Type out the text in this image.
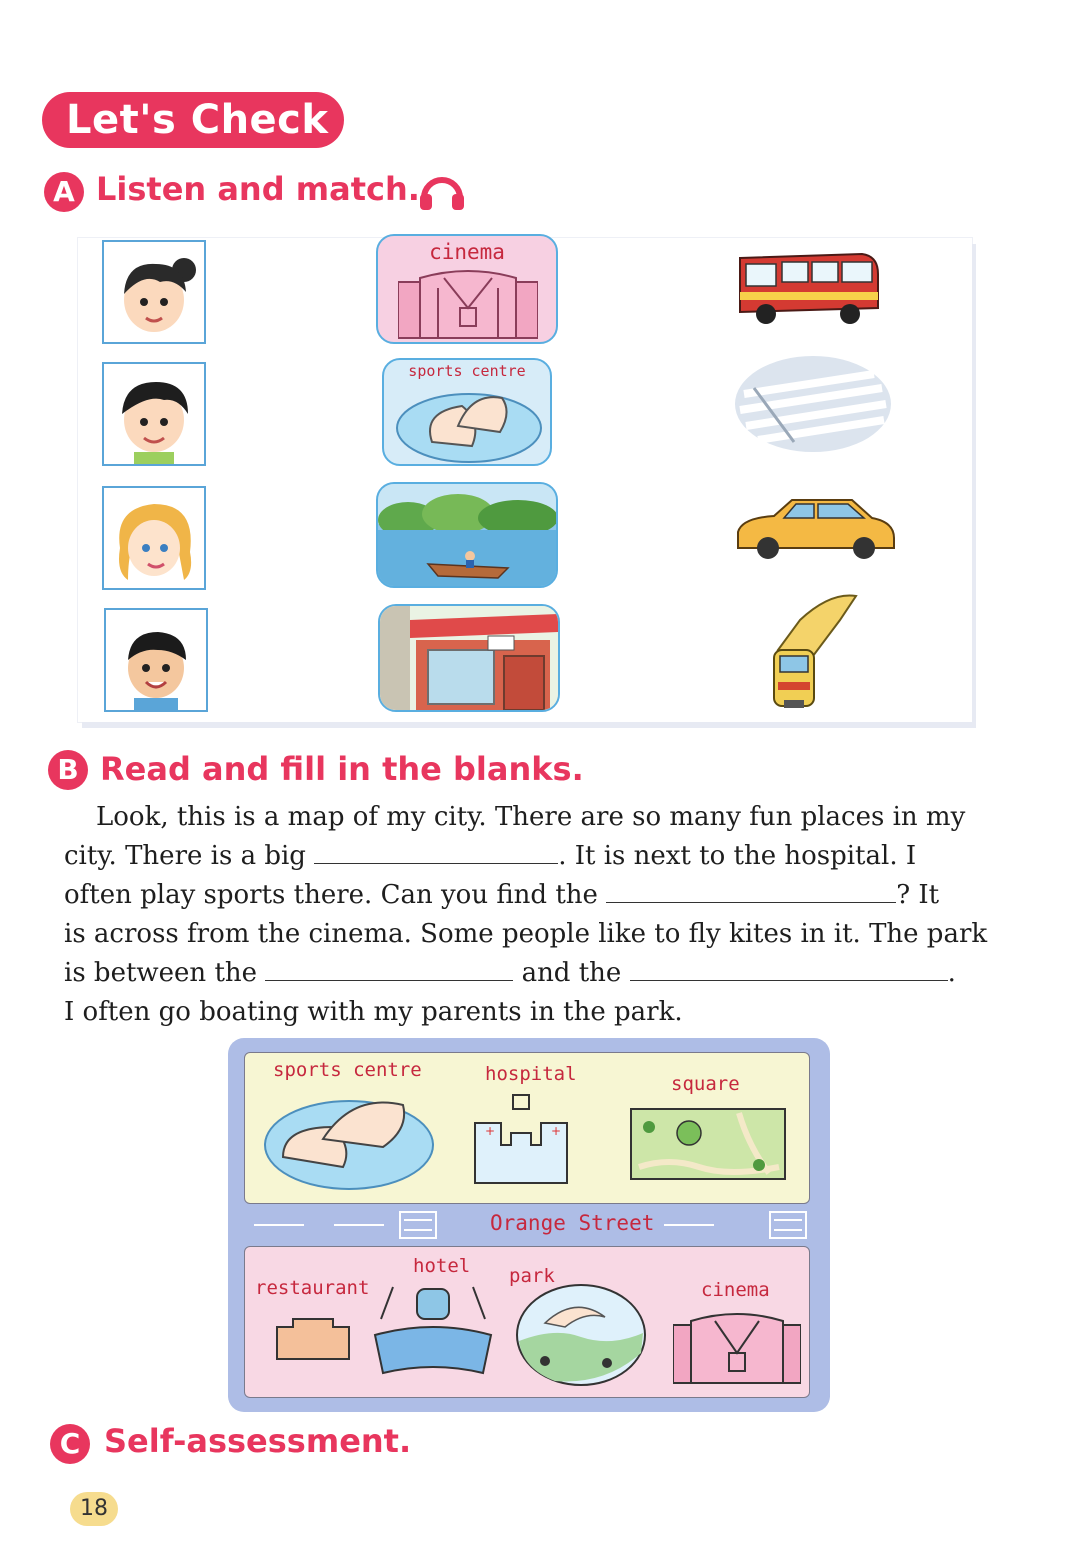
Let's Check
A Listen and match.
cinema
sports centre
B Read and fill in the blanks.

Look, this is a map of my city. There are so many fun places in my

city. There is a big	. It is next to the hospital. I

often play sports there. Can you find the	? It

is across from the cinema. Some people like to fly kites in it. The park

is between the	and the	.

I often go boating with my parents in the park.

sports centre	hospital	square
+	+
Orange Street
restaurant
hotel park
cinema
C Self-assessment.
18
